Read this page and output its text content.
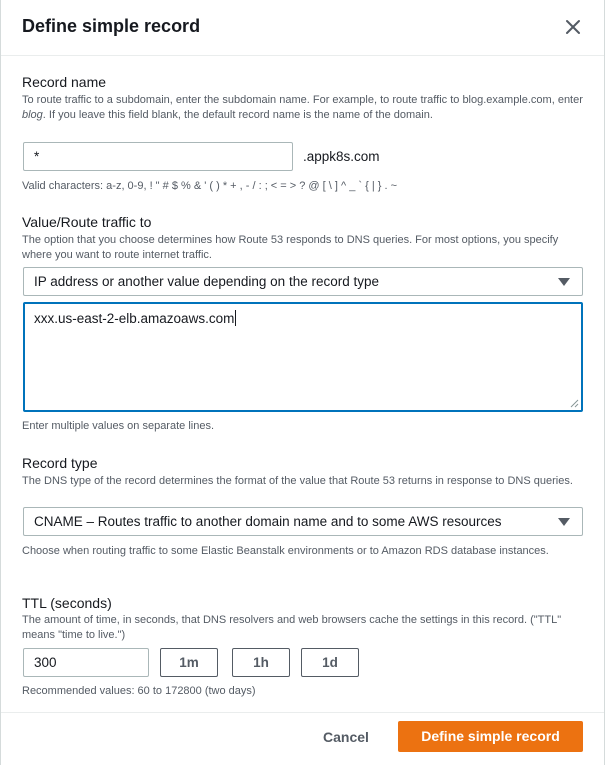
Define simple record
Record name
To route traffic to a subdomain, enter the subdomain name. For example, to route traffic to blog.example.com, enter blog. If you leave this field blank, the default record name is the name of the domain.
*	.appk8s.com
Valid characters: a-z, 0-9, ! " # $ % & ' ( ) * + , - / : ; < = > ? @ [ \ ] ^ _ ` { | } . ~
Value/Route traffic to
The option that you choose determines how Route 53 responds to DNS queries. For most options, you specify where you want to route internet traffic.
IP address or another value depending on the record type
xxx.us-east-2-elb.amazoaws.com
Enter multiple values on separate lines.
Record type
The DNS type of the record determines the format of the value that Route 53 returns in response to DNS queries.
CNAME – Routes traffic to another domain name and to some AWS resources
Choose when routing traffic to some Elastic Beanstalk environments or to Amazon RDS database instances.
TTL (seconds)
The amount of time, in seconds, that DNS resolvers and web browsers cache the settings in this record. ("TTL" means "time to live.")
300	1m	1h	1d
Recommended values: 60 to 172800 (two days)
Cancel	Define simple record
